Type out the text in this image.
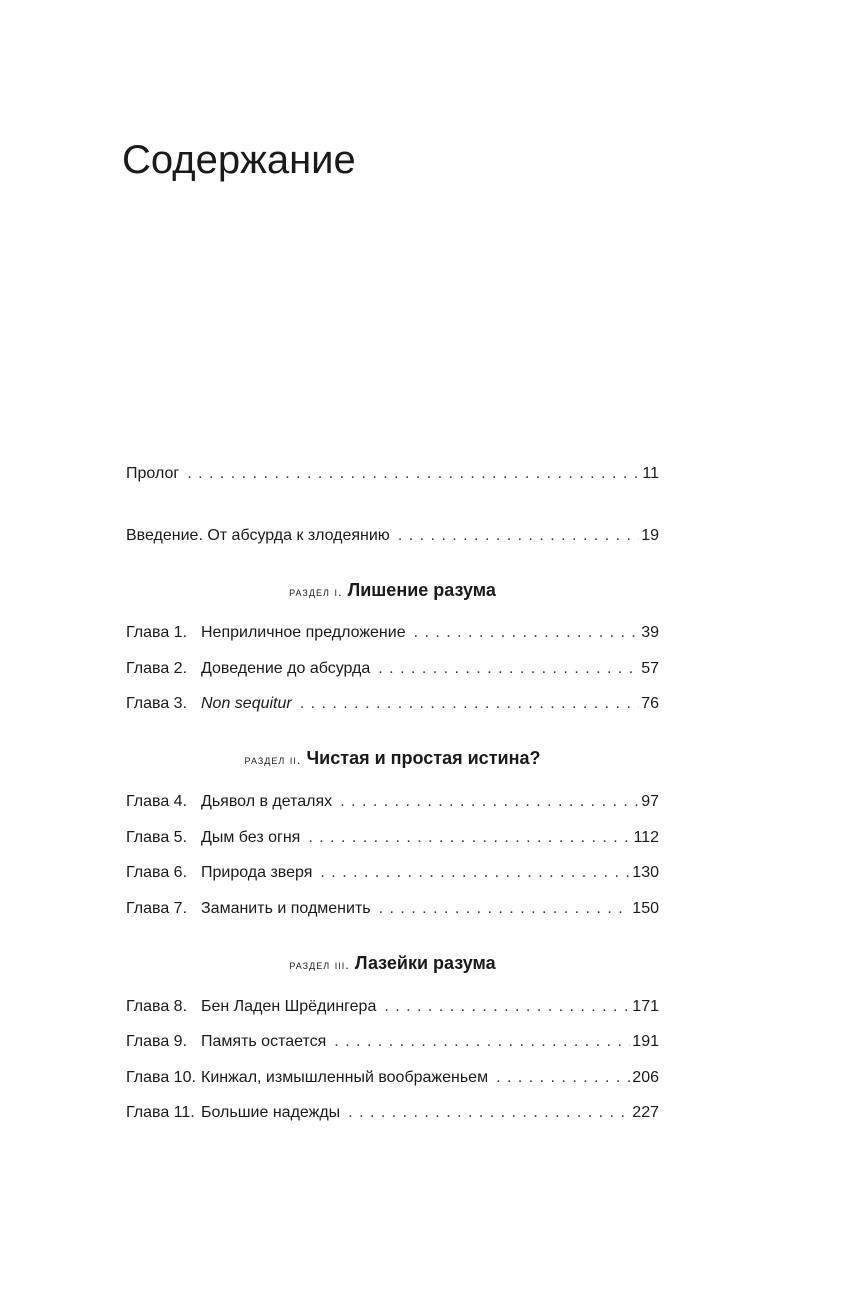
Содержание
Пролог . . .	11
Введение. От абсурда к злодеянию . . .	19
раздел i. Лишение разума
Глава 1. Неприличное предложение . . .	39
Глава 2. Доведение до абсурда . . .	57
Глава 3. Non sequitur . . .	76
раздел ii. Чистая и простая истина?
Глава 4. Дьявол в деталях . . .	97
Глава 5. Дым без огня . . .	112
Глава 6. Природа зверя . . .	130
Глава 7. Заманить и подменить . . .	150
раздел iii. Лазейки разума
Глава 8. Бен Ладен Шрёдингера . . .	171
Глава 9. Память остается . . .	191
Глава 10. Кинжал, измышленный воображеньем . . .	206
Глава 11. Большие надежды . . .	227
